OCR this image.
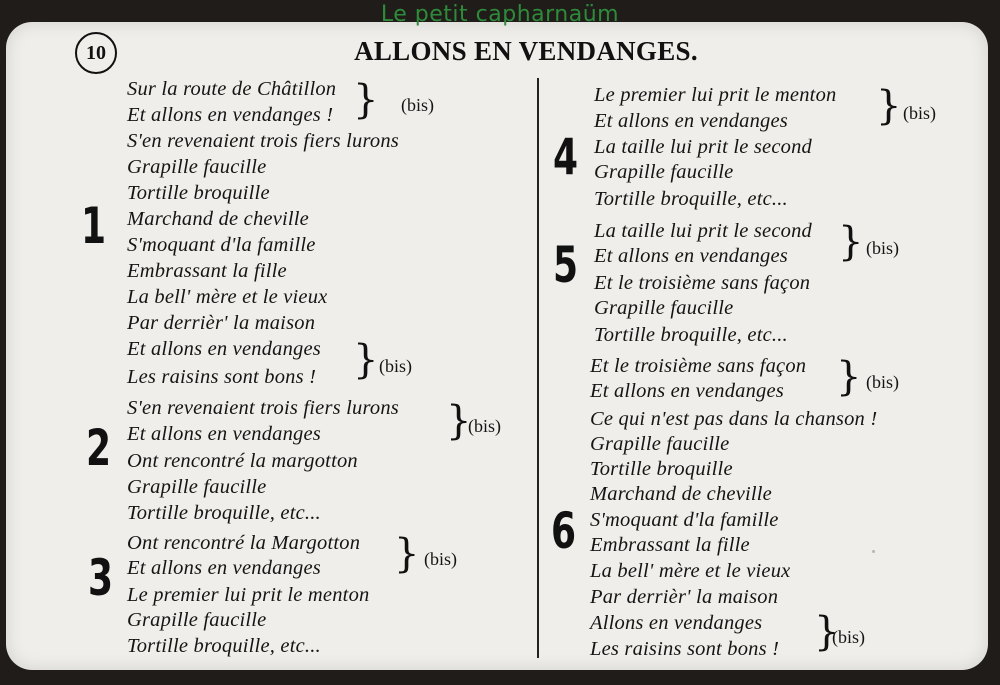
Le petit capharnaüm
10	ALLONS EN VENDANGES.
1
Sur la route de Châtillon
Et allons en vendanges !
S'en revenaient trois fiers lurons
Grapille faucille
Tortille broquille
Marchand de cheville
S'moquant d'la famille
Embrassant la fille
La bell' mère et le vieux
Par derrièr' la maison
Et allons en vendanges
Les raisins sont bons !
} (bis)
} (bis)
2
S'en revenaient trois fiers lurons
Et allons en vendanges
Ont rencontré la margotton
Grapille faucille
Tortille broquille, etc...
}
(bis)
3
Ont rencontré la Margotton
Et allons en vendanges
Le premier lui prit le menton
Grapille faucille
Tortille broquille, etc...
} (bis)
4
Le premier lui prit le menton
Et allons en vendanges
La taille lui prit le second
Grapille faucille
Tortille broquille, etc...
} (bis)
5
La taille lui prit le second
Et allons en vendanges
Et le troisième sans façon
Grapille faucille
Tortille broquille, etc...
} (bis)
6
Et le troisième sans façon
Et allons en vendanges
Ce qui n'est pas dans la chanson !
Grapille faucille
Tortille broquille
Marchand de cheville
S'moquant d'la famille
Embrassant la fille
La bell' mère et le vieux
Par derrièr' la maison
Allons en vendanges
Les raisins sont bons !
} (bis)
}
(bis)
